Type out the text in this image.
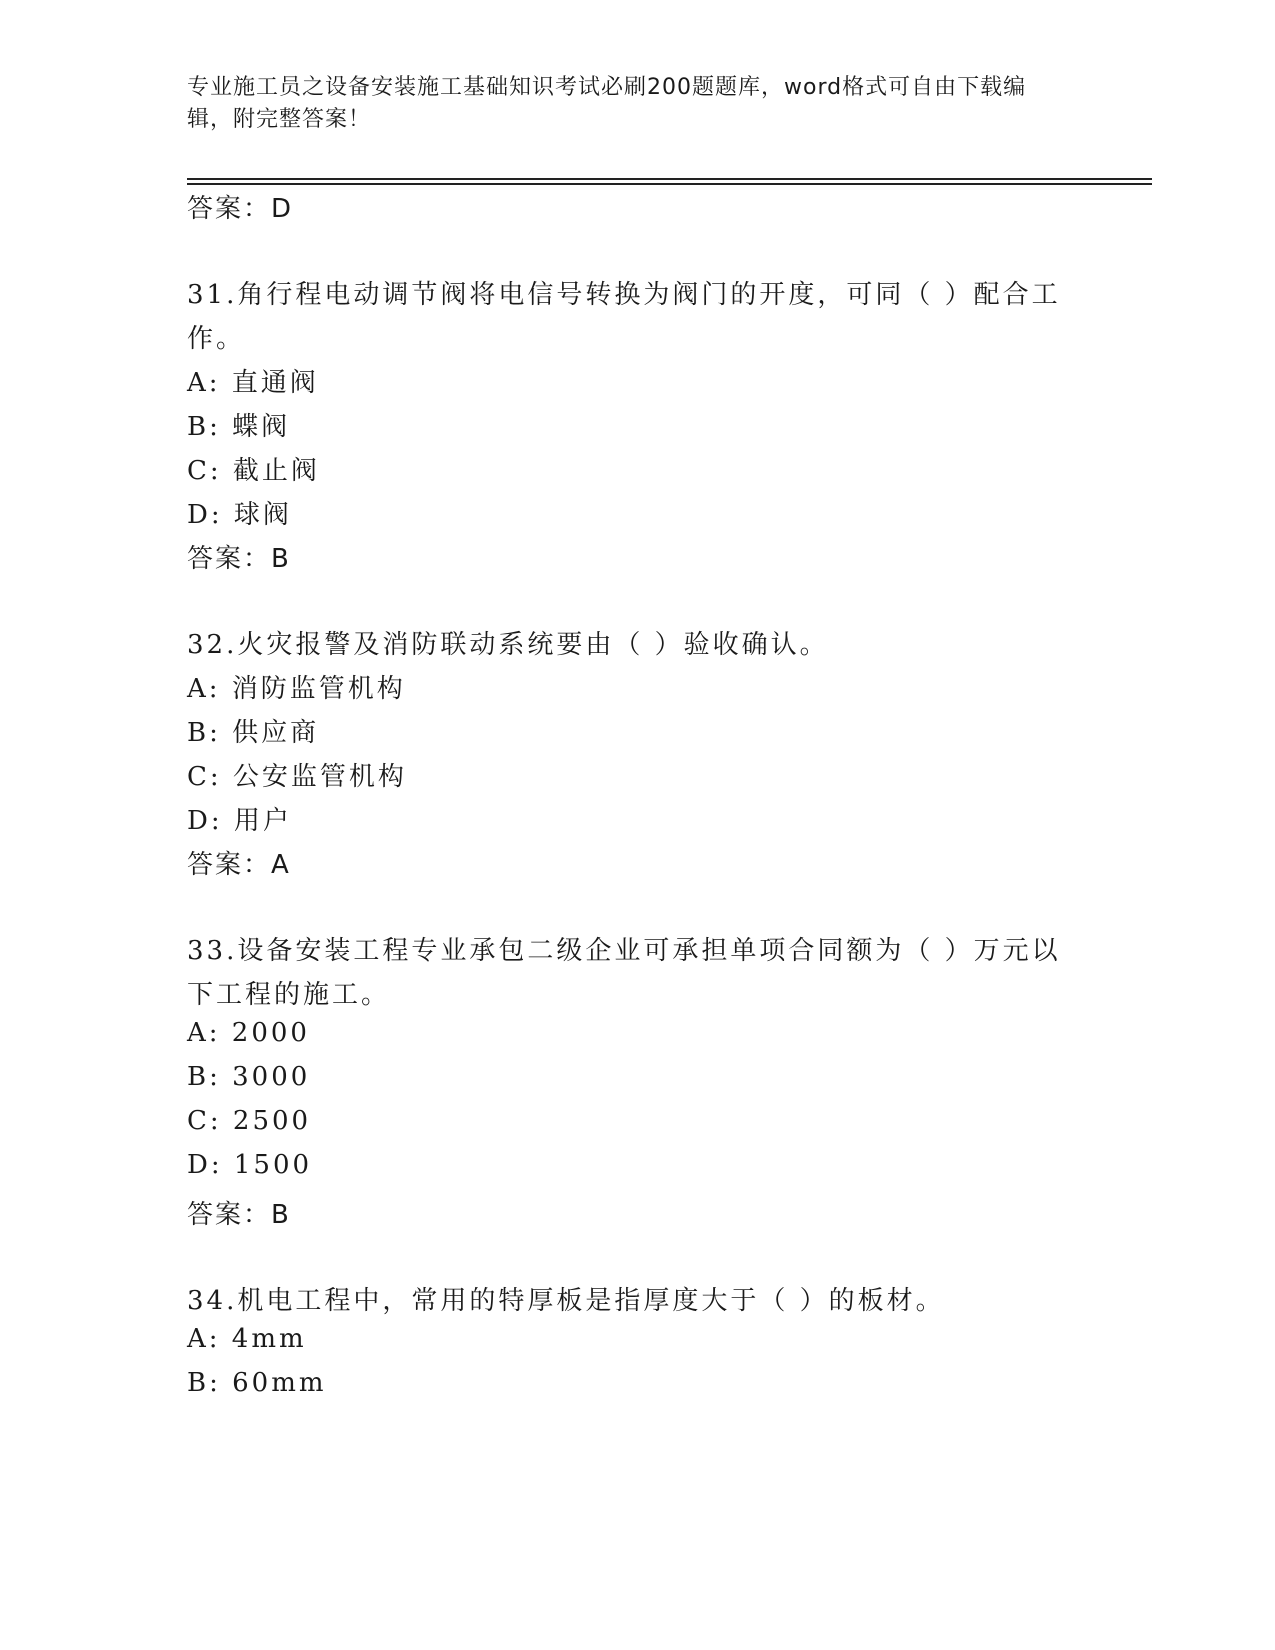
专业施工员之设备安装施工基础知识考试必刷200题题库，word格式可自由下载编辑，附完整答案！
答案：D
31.角行程电动调节阀将电信号转换为阀门的开度，可同（ ）配合工
作。
A: 直通阀
B: 蝶阀
C: 截止阀
D: 球阀
答案：B
32.火灾报警及消防联动系统要由（ ）验收确认。
A: 消防监管机构
B: 供应商
C: 公安监管机构
D: 用户
答案：A
33.设备安装工程专业承包二级企业可承担单项合同额为（ ）万元以
下工程的施工。
A: 2000
B: 3000
C: 2500
D: 1500
答案：B
34.机电工程中，常用的特厚板是指厚度大于（ ）的板材。
A: 4mm
B: 60mm
